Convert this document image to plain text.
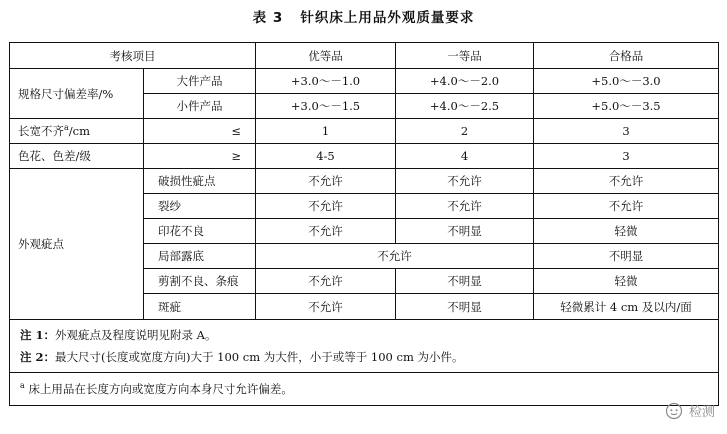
表 3   针织床上用品外观质量要求
考核项目		优等品	一等品	合格品
规格尺寸偏差率/%	大件产品	+3.0～－1.0	+4.0～－2.0	+5.0～－3.0
	小件产品	+3.0～－1.5	+4.0～－2.5	+5.0～－3.5
长宽不齐$^a$/cm	≤	1	2	3
色花、色差/级	≥	4-5	4	3
外观疵点	破损性疵点	不允许	不允许	不允许
	裂纱	不允许	不允许	不允许
	印花不良	不允许	不明显	轻微
	局部露底	不允许		不明显
	剪割不良、条痕	不允许	不明显	轻微
	斑疵	不允许	不明显	轻微累计 4 cm 及以内/面

注 1：外观疵点及程度说明见附录 A。
注 2：最大尺寸(长度或宽度方向)大于 100 cm 为大件，小于或等于 100 cm 为小件。				

$^a$ 床上用品在长度方向或宽度方向本身尺寸允许偏差。				
检测
